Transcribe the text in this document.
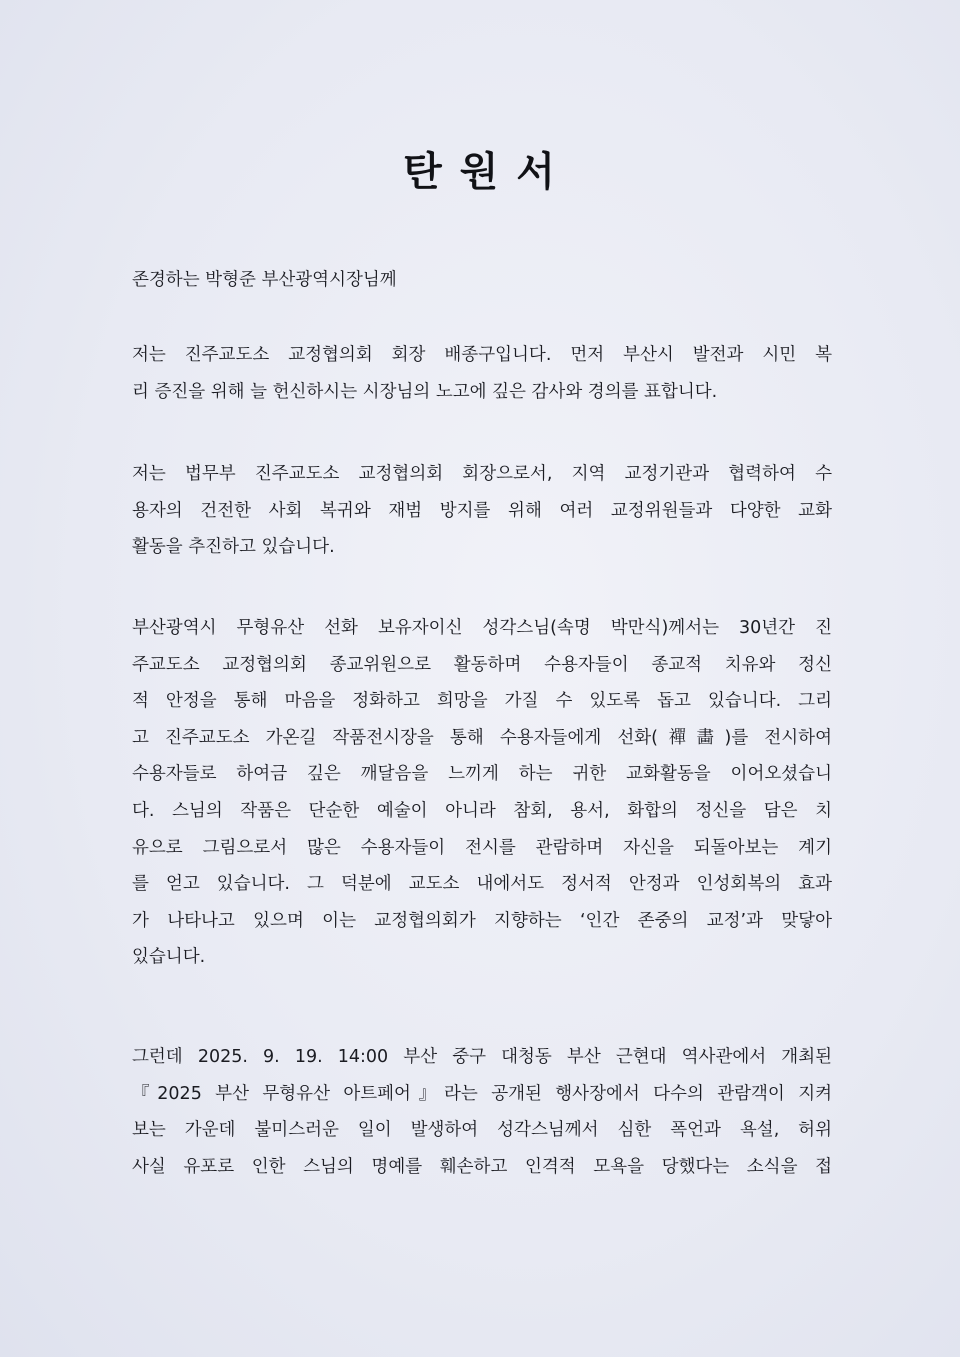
탄 원 서
존경하는 박형준 부산광역시장님께
저는 진주교도소 교정협의회 회장 배종구입니다. 먼저 부산시 발전과 시민 복
리 증진을 위해 늘 헌신하시는 시장님의 노고에 깊은 감사와 경의를 표합니다.
저는 법무부 진주교도소 교정협의회 회장으로서, 지역 교정기관과 협력하여 수
용자의 건전한 사회 복귀와 재범 방지를 위해 여러 교정위원들과 다양한 교화
활동을 추진하고 있습니다.
부산광역시 무형유산 선화 보유자이신 성각스님(속명 박만식)께서는 30년간 진
주교도소 교정협의회 종교위원으로 활동하며 수용자들이 종교적 치유와 정신
적 안정을 통해 마음을 정화하고 희망을 가질 수 있도록 돕고 있습니다. 그리
고 진주교도소 가온길 작품전시장을 통해 수용자들에게 선화(禪畵)를 전시하여
수용자들로 하여금 깊은 깨달음을 느끼게 하는 귀한 교화활동을 이어오셨습니
다. 스님의 작품은 단순한 예술이 아니라 참회, 용서, 화합의 정신을 담은 치
유으로 그림으로서 많은 수용자들이 전시를 관람하며 자신을 되돌아보는 계기
를 얻고 있습니다. 그 덕분에 교도소 내에서도 정서적 안정과 인성회복의 효과
가 나타나고 있으며 이는 교정협의회가 지향하는 ‘인간 존중의 교정’과 맞닿아
있습니다.
그런데 2025. 9. 19. 14:00 부산 중구 대청동 부산 근현대 역사관에서 개최된
『2025 부산 무형유산 아트페어』라는 공개된 행사장에서 다수의 관람객이 지켜
보는 가운데 불미스러운 일이 발생하여 성각스님께서 심한 폭언과 욕설, 허위
사실 유포로 인한 스님의 명예를 훼손하고 인격적 모욕을 당했다는 소식을 접
